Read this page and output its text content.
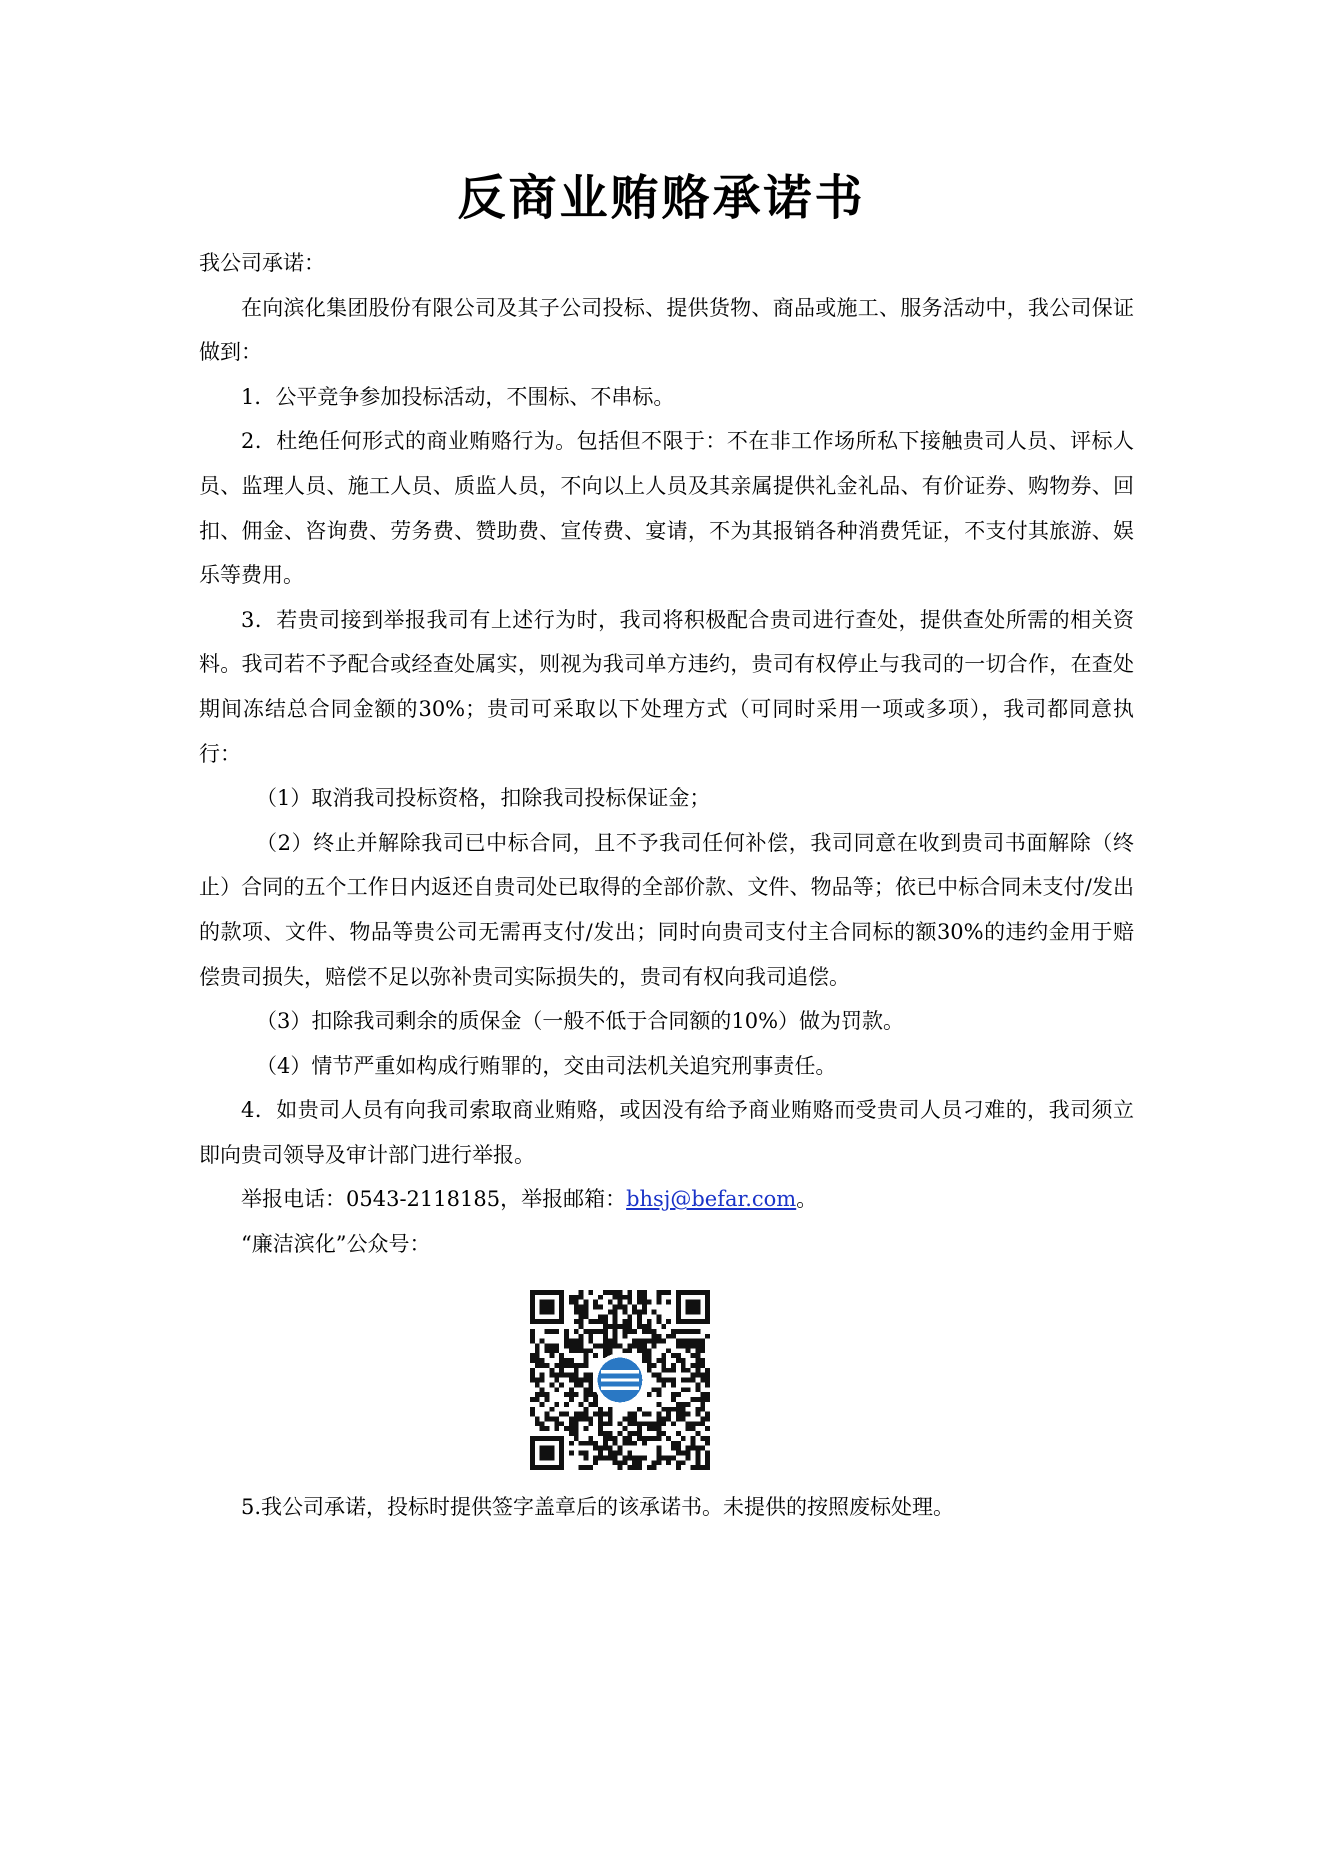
反商业贿赂承诺书

我公司承诺：

在向滨化集团股份有限公司及其子公司投标、提供货物、商品或施工、服务活动中，我公司保证做到：

1．公平竞争参加投标活动，不围标、不串标。

2．杜绝任何形式的商业贿赂行为。包括但不限于：不在非工作场所私下接触贵司人员、评标人员、监理人员、施工人员、质监人员，不向以上人员及其亲属提供礼金礼品、有价证券、购物券、回扣、佣金、咨询费、劳务费、赞助费、宣传费、宴请，不为其报销各种消费凭证，不支付其旅游、娱乐等费用。

3．若贵司接到举报我司有上述行为时，我司将积极配合贵司进行查处，提供查处所需的相关资料。我司若不予配合或经查处属实，则视为我司单方违约，贵司有权停止与我司的一切合作，在查处期间冻结总合同金额的30%；贵司可采取以下处理方式（可同时采用一项或多项），我司都同意执行：

（1）取消我司投标资格，扣除我司投标保证金；

（2）终止并解除我司已中标合同，且不予我司任何补偿，我司同意在收到贵司书面解除（终止）合同的五个工作日内返还自贵司处已取得的全部价款、文件、物品等；依已中标合同未支付/发出的款项、文件、物品等贵公司无需再支付/发出；同时向贵司支付主合同标的额30%的违约金用于赔偿贵司损失，赔偿不足以弥补贵司实际损失的，贵司有权向我司追偿。

（3）扣除我司剩余的质保金（一般不低于合同额的10%）做为罚款。

（4）情节严重如构成行贿罪的，交由司法机关追究刑事责任。

4．如贵司人员有向我司索取商业贿赂，或因没有给予商业贿赂而受贵司人员刁难的，我司须立即向贵司领导及审计部门进行举报。

举报电话：0543-2118185，举报邮箱：bhsj@befar.com。

“廉洁滨化”公众号：

5.我公司承诺，投标时提供签字盖章后的该承诺书。未提供的按照废标处理。
